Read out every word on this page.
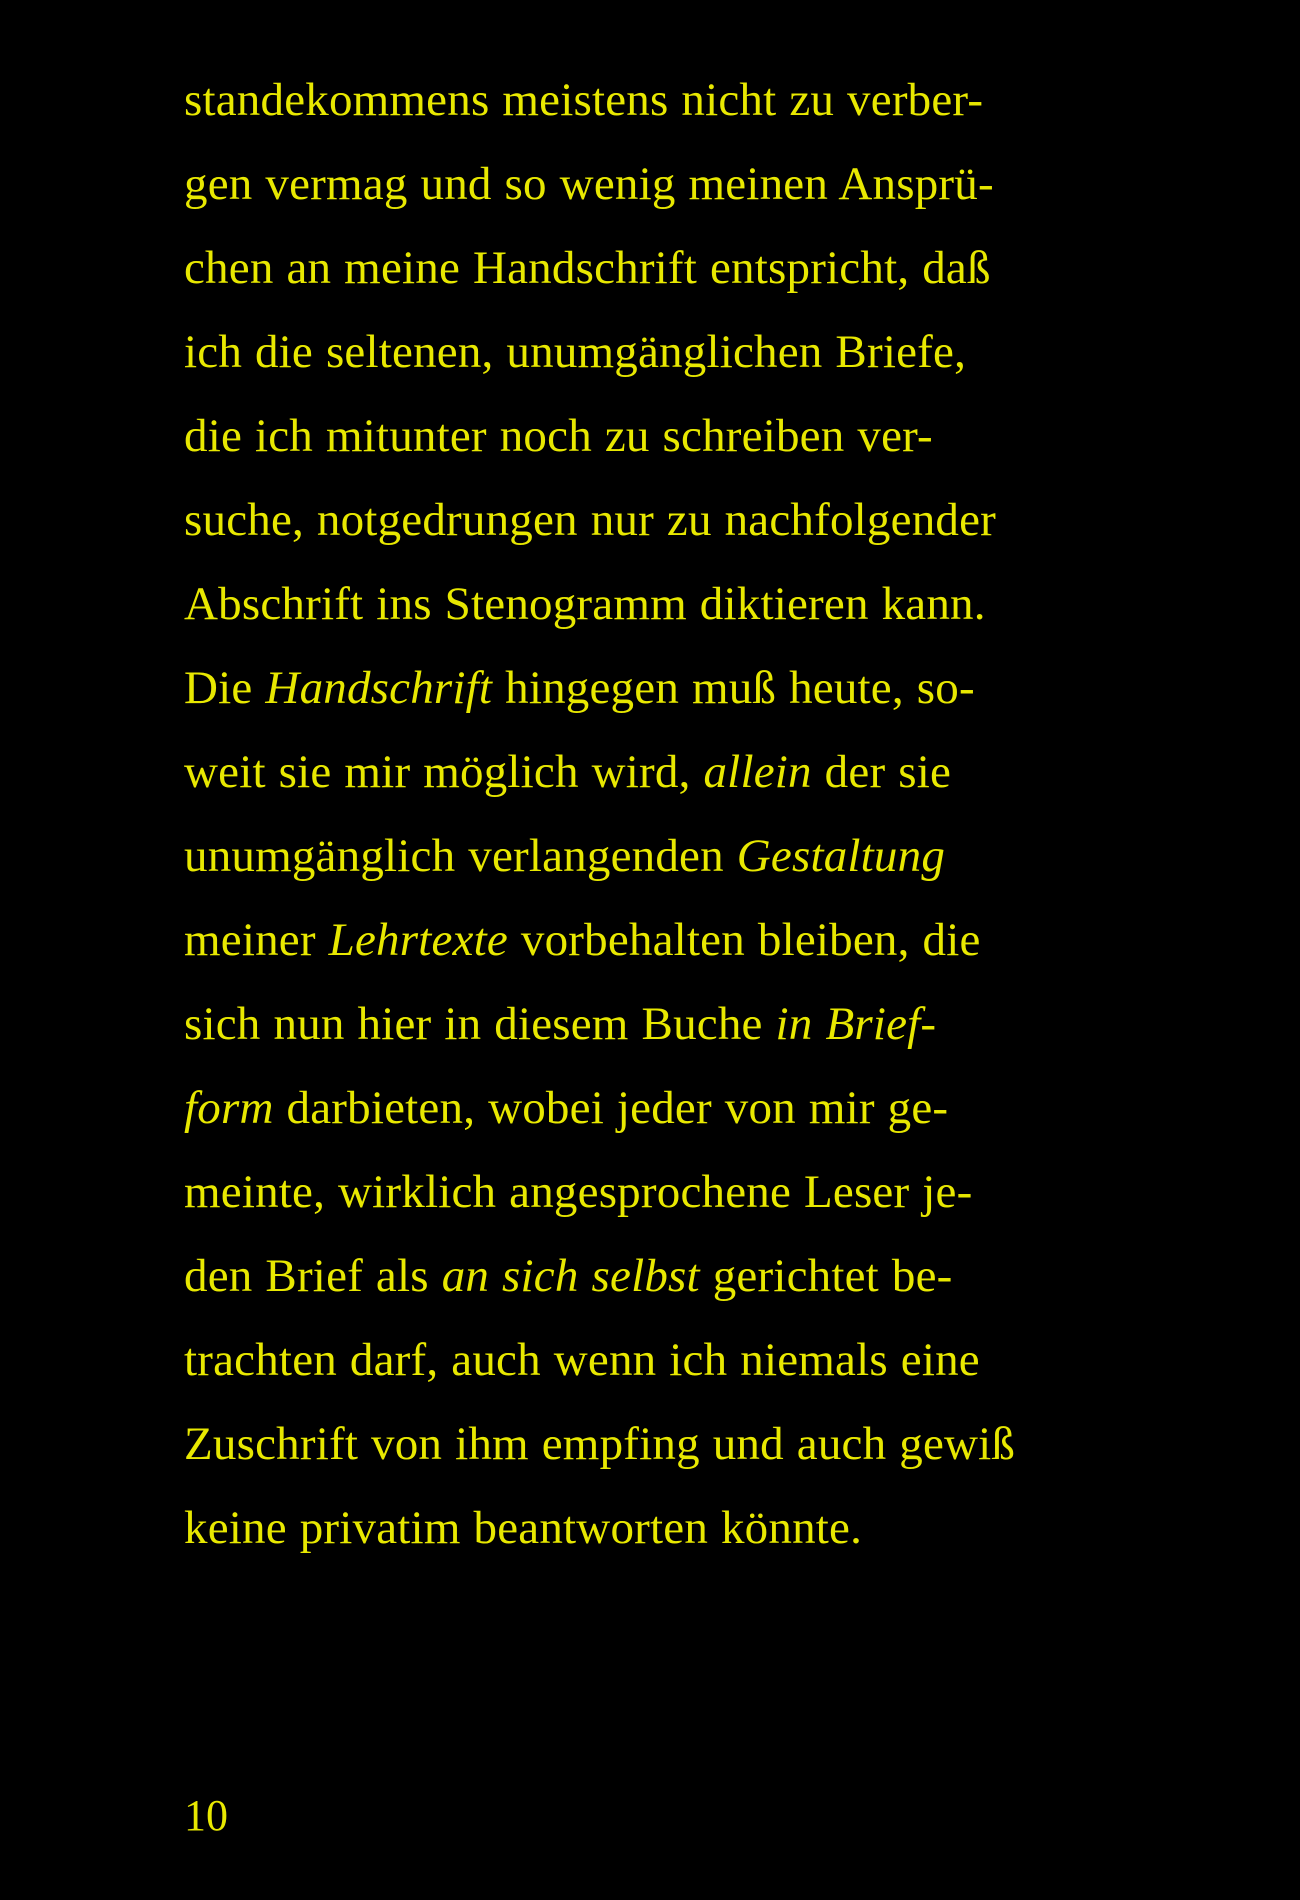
standekommens meistens nicht zu verber-
gen vermag und so wenig meinen Ansprü-
chen an meine Handschrift entspricht, daß
ich die seltenen, unumgänglichen Briefe,
die ich mitunter noch zu schreiben ver-
suche, notgedrungen nur zu nachfolgender
Abschrift ins Stenogramm diktieren kann.
Die Handschrift hingegen muß heute, so-
weit sie mir möglich wird, allein der sie
unumgänglich verlangenden Gestaltung
meiner Lehrtexte vorbehalten bleiben, die
sich nun hier in diesem Buche in Brief-
form darbieten, wobei jeder von mir ge-
meinte, wirklich angesprochene Leser je-
den Brief als an sich selbst gerichtet be-
trachten darf, auch wenn ich niemals eine
Zuschrift von ihm empfing und auch gewiß
keine privatim beantworten könnte.
10
